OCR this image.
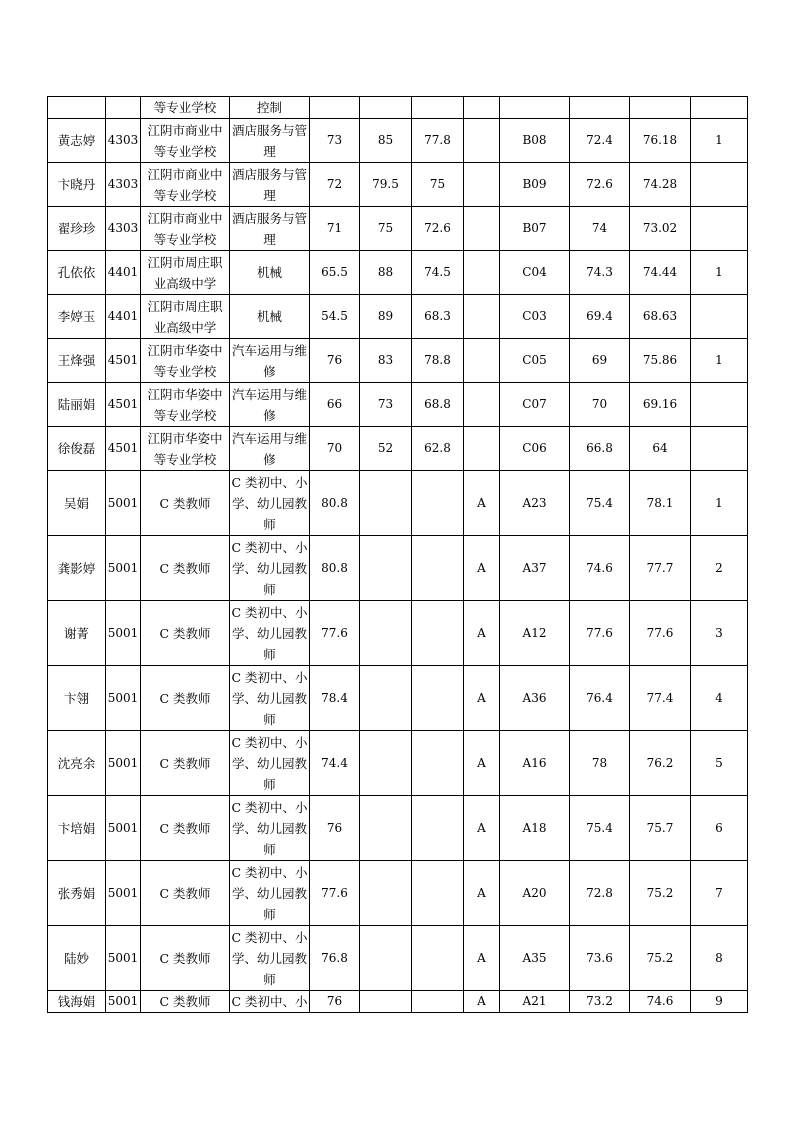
		等专业学校	控制								
黄志婷	4303	江阴市商业中等专业学校	酒店服务与管理	73	85	77.8		B08	72.4	76.18	1
卞晓丹	4303	江阴市商业中等专业学校	酒店服务与管理	72	79.5	75		B09	72.6	74.28	
翟珍珍	4303	江阴市商业中等专业学校	酒店服务与管理	71	75	72.6		B07	74	73.02	
孔依依	4401	江阴市周庄职业高级中学	机械	65.5	88	74.5		C04	74.3	74.44	1
李婷玉	4401	江阴市周庄职业高级中学	机械	54.5	89	68.3		C03	69.4	68.63	
王烽强	4501	江阴市华姿中等专业学校	汽车运用与维修	76	83	78.8		C05	69	75.86	1
陆丽娟	4501	江阴市华姿中等专业学校	汽车运用与维修	66	73	68.8		C07	70	69.16	
徐俊磊	4501	江阴市华姿中等专业学校	汽车运用与维修	70	52	62.8		C06	66.8	64	
吴娟	5001	C 类教师	C 类初中、小学、幼儿园教师	80.8			A	A23	75.4	78.1	1
龚影婷	5001	C 类教师	C 类初中、小学、幼儿园教师	80.8			A	A37	74.6	77.7	2
谢菁	5001	C 类教师	C 类初中、小学、幼儿园教师	77.6			A	A12	77.6	77.6	3
卞翎	5001	C 类教师	C 类初中、小学、幼儿园教师	78.4			A	A36	76.4	77.4	4
沈亮余	5001	C 类教师	C 类初中、小学、幼儿园教师	74.4			A	A16	78	76.2	5
卞培娟	5001	C 类教师	C 类初中、小学、幼儿园教师	76			A	A18	75.4	75.7	6
张秀娟	5001	C 类教师	C 类初中、小学、幼儿园教师	77.6			A	A20	72.8	75.2	7
陆妙	5001	C 类教师	C 类初中、小学、幼儿园教师	76.8			A	A35	73.6	75.2	8
钱海娟	5001	C 类教师	C 类初中、小	76			A	A21	73.2	74.6	9
